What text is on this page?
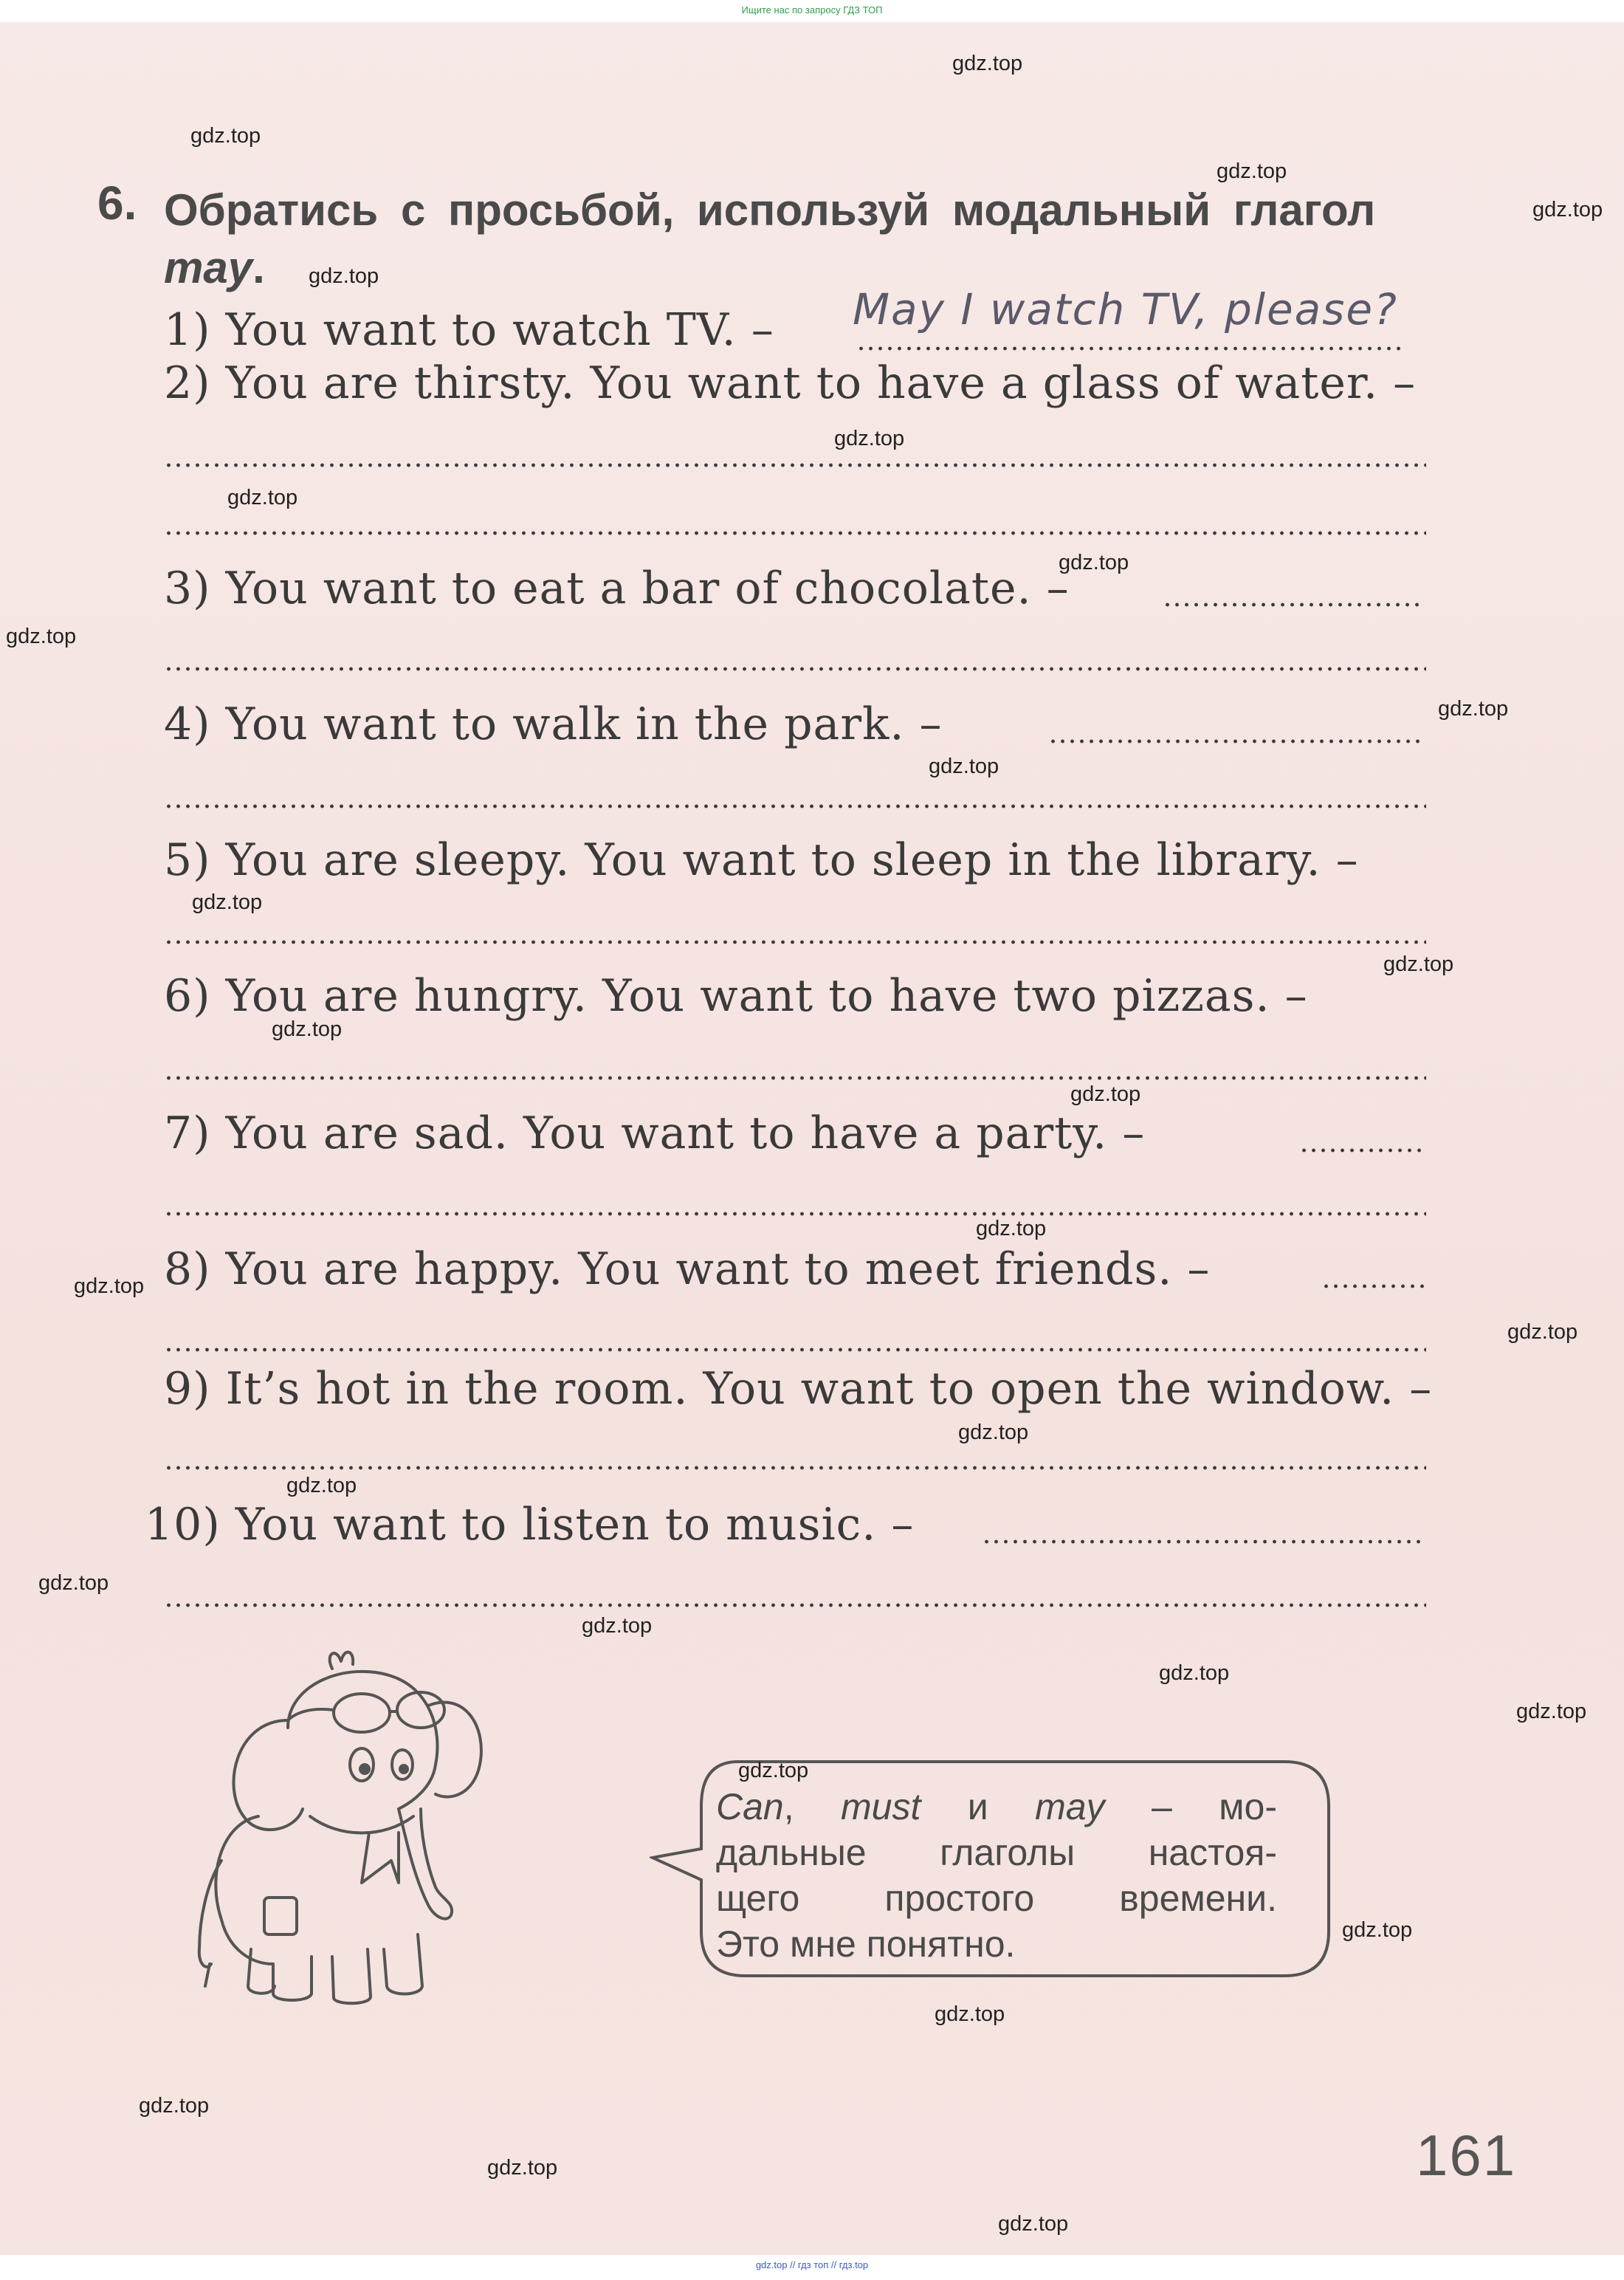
Ищите нас по запросу ГДЗ ТОП
6. Обратись с просьбой, используй модальный глагол
may.
1) You want to watch TV. – May I watch TV, please?
2) You are thirsty. You want to have a glass of water. –
3) You want to eat a bar of chocolate. –
4) You want to walk in the park. –
5) You are sleepy. You want to sleep in the library. –
6) You are hungry. You want to have two pizzas. –
7) You are sad. You want to have a party. –
8) You are happy. You want to meet friends. –
9) It’s hot in the room. You want to open the window. –
10) You want to listen to music. –
Can, must и may – мо-
дальные глаголы настоя-
щего простого времени.
Это мне понятно.
161
gdz.top
gdz.top
gdz.top
gdz.top
gdz.top
gdz.top
gdz.top
gdz.top
gdz.top
gdz.top
gdz.top
gdz.top
gdz.top
gdz.top
gdz.top
gdz.top
gdz.top
gdz.top
gdz.top
gdz.top
gdz.top
gdz.top
gdz.top
gdz.top
gdz.top
gdz.top
gdz.top
gdz.top
gdz.top
gdz.top
gdz.top // гдз топ // гдз.top
